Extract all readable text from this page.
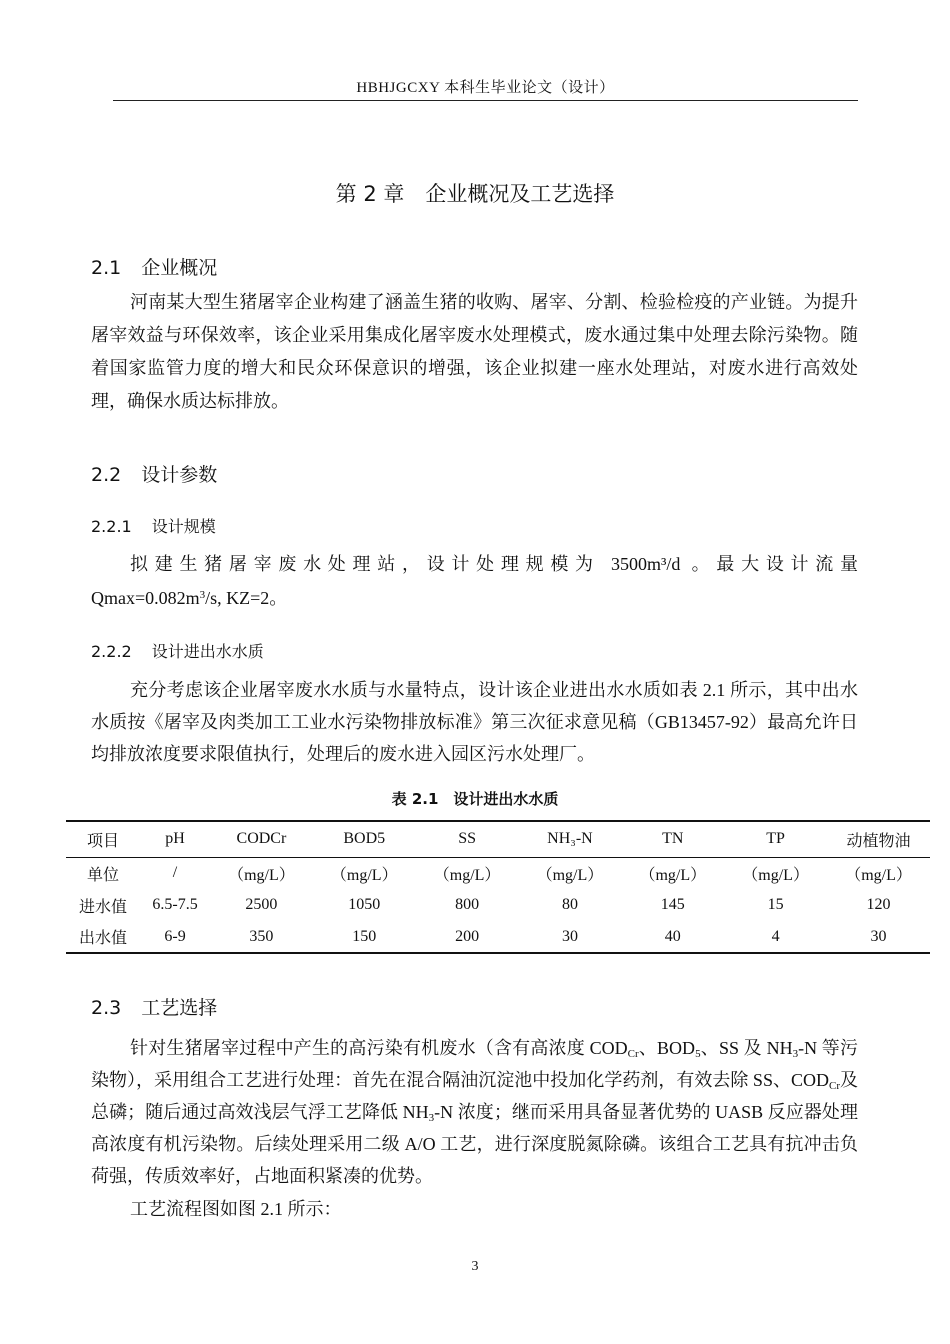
HBHJGCXY 本科生毕业论文（设计）
第 2 章　企业概况及工艺选择
2.1 企业概况
河南某大型生猪屠宰企业构建了涵盖生猪的收购、屠宰、分割、检验检疫的产业链。为提升屠宰效益与环保效率，该企业采用集成化屠宰废水处理模式，废水通过集中处理去除污染物。随着国家监管力度的增大和民众环保意识的增强，该企业拟建一座水处理站，对废水进行高效处理，确保水质达标排放。
2.2 设计参数
2.2.1 设计规模
拟建生猪屠宰废水处理站，设计处理规模为 3500m³/d 。最大设计流量
$Qmax=0.082m^3/s$, KZ=2。
2.2.2 设计进出水水质
充分考虑该企业屠宰废水水质与水量特点，设计该企业进出水水质如表 2.1 所示，其中出水水质按《屠宰及肉类加工工业水污染物排放标准》第三次征求意见稿（GB13457-92）最高允许日均排放浓度要求限值执行，处理后的废水进入园区污水处理厂。
表 2.1　设计进出水水质
项目	pH	CODCr	BOD5	SS	NH₃-N	TN	TP	动植物油
单位	/	（mg/L）	（mg/L）	（mg/L）	（mg/L）	（mg/L）	（mg/L）	（mg/L）
进水值	6.5-7.5	2500	1050	800	80	145	15	120
出水值	6-9	350	150	200	30	40	4	30
2.3 工艺选择
针对生猪屠宰过程中产生的高污染有机废水（含有高浓度 $COD_{Cr}$、$BOD_5$、SS 及 $NH_3-N$ 等污染物），采用组合工艺进行处理：首先在混合隔油沉淀池中投加化学药剂，有效去除 SS、$COD_{Cr}$及总磷；随后通过高效浅层气浮工艺降低 $NH_3-N$ 浓度；继而采用具备显著优势的 UASB 反应器处理高浓度有机污染物。后续处理采用二级 A/O 工艺，进行深度脱氮除磷。该组合工艺具有抗冲击负荷强，传质效率好，占地面积紧凑的优势。
工艺流程图如图 2.1 所示：
3
